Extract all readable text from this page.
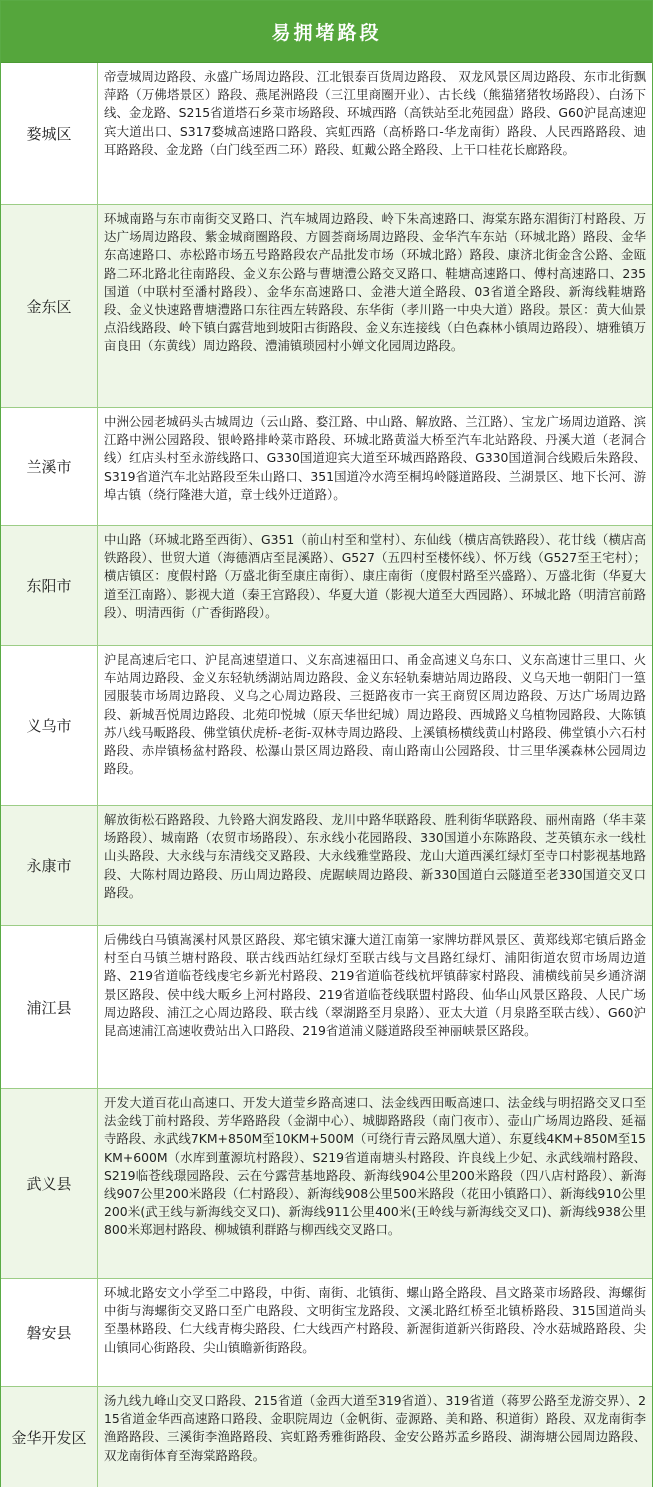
易拥堵路段
婺城区
帝壹城周边路段、永盛广场周边路段、江北银泰百货周边路段、 双龙风景区周边路段、东市北街飘萍路（万佛塔景区）路段、燕尾洲路段（三江里商圈开业）、古长线（熊猫猪猪牧场路段）、白汤下线、金龙路、S215省道塔石乡菜市场路段、环城西路（高铁站至北苑园盘）路段、G60沪昆高速迎宾大道出口、S317婺城高速路口路段、宾虹西路（高桥路口-华龙南街）路段、人民西路路段、迪耳路路段、金龙路（白门线至西二环）路段、虹戴公路全路段、上干口桂花长廊路段。
金东区
环城南路与东市南街交叉路口、汽车城周边路段、岭下朱高速路口、海棠东路东湄街汀村路段、万达广场周边路段、紫金城商圈路段、方圆荟商场周边路段、金华汽车东站（环城北路）路段、金华东高速路口、赤松路市场五号路路段农产品批发市场（环城北路）路段、康济北街金含公路、金瓯路二环北路北往南路段、金义东公路与曹塘澧公路交叉路口、鞋塘高速路口、傅村高速路口、235国道（中联村至潘村路段）、金华东高速路口、金港大道全路段、03省道全路段、新海线鞋塘路段、金义快速路曹塘澧路口东往西左转路段、东华街（孝川路一中央大道）路段。景区：黄大仙景点沿线路段、岭下镇白露营地到坡阳古街路段、金义东连接线（白色森林小镇周边路段）、塘雅镇万亩良田（东黄线）周边路段、澧浦镇琐园村小婵文化园周边路段。
兰溪市
中洲公园老城码头古城周边（云山路、婺江路、中山路、解放路、兰江路）、宝龙广场周边道路、滨江路中洲公园路段、银岭路排岭菜市路段、环城北路黄溢大桥至汽车北站路段、丹溪大道（老洞合线）红店头村至永游线路口、G330国道迎宾大道至环城西路路段、G330国道洞合线殿后朱路段、S319省道汽车北站路段至朱山路口、351国道冷水湾至桐坞岭隧道路段、兰湖景区、地下长河、游埠古镇（绕行隆港大道，章士线外迂道路）。
东阳市
中山路（环城北路至西街）、G351（前山村至和堂村）、东仙线（横店高铁路段）、花廿线（横店高铁路段）、世贸大道（海德酒店至昆溪路）、G527（五四村至楼怀线）、怀万线（G527至王宅村）；横店镇区：度假村路（万盛北街至康庄南街）、康庄南街（度假村路至兴盛路）、万盛北街（华夏大道至江南路）、影视大道（秦王宫路段）、华夏大道（影视大道至大西园路）、环城北路（明清宫前路段）、明清西街（广香街路段）。
义乌市
沪昆高速后宅口、沪昆高速望道口、义东高速福田口、甬金高速义乌东口、义东高速廿三里口、火车站周边路段、金义东轻轨绣湖站周边路段、金义东轻轨秦塘站周边路段、义乌天地一朝阳门一篁园服装市场周边路段、义乌之心周边路段、三挺路夜市一宾王商贸区周边路段、万达广场周边路段、新城吾悦周边路段、北苑印悦城（原天华世纪城）周边路段、西城路义乌植物园路段、大陈镇苏八线马畈路段、佛堂镇伏虎桥-老街-双林寺周边路段、上溪镇杨横线黄山村路段、佛堂镇小六石村路段、赤岸镇杨盆村路段、松瀑山景区周边路段、南山路南山公园路段、廿三里华溪森林公园周边路段。
永康市
解放街松石路路段、九铃路大润发路段、龙川中路华联路段、胜利街华联路段、丽州南路（华丰菜场路段）、城南路（农贸市场路段）、东永线小花园路段、330国道小东陈路段、芝英镇东永一线杜山头路段、大永线与东清线交叉路段、大永线雅堂路段、龙山大道西溪红绿灯至寺口村影视基地路段、大陈村周边路段、历山周边路段、虎踞峡周边路段、新330国道白云隧道至老330国道交叉口路段。
浦江县
后佛线白马镇嵩溪村风景区路段、郑宅镇宋濂大道江南第一家牌坊群风景区、黄郑线郑宅镇后路金村至白马镇兰塘村路段、联古线西站红绿灯至联古线与文昌路红绿灯、浦阳街道农贸市场周边道路、219省道临苍线虔宅乡新光村路段、219省道临苍线杭坪镇薛家村路段、浦横线前吴乡通济湖景区路段、侯中线大畈乡上河村路段、219省道临苍线联盟村路段、仙华山风景区路段、人民广场周边路段、浦江之心周边路段、联古线（翠湖路至月泉路）、亚太大道（月泉路至联古线）、G60沪昆高速浦江高速收费站出入口路段、219省道浦义隧道路段至神丽峡景区路段。
武义县
开发大道百花山高速口、开发大道莹乡路高速口、法金线西田畈高速口、法金线与明招路交叉口至法金线丁前村路段、芳华路路段（金湖中心）、城脚路路段（南门夜市）、壶山广场周边路段、延福寺路段、永武线7KM+850M至10KM+500M（可绕行青云路凤凰大道）、东夏线4KM+850M至15KM+600M（水库到董源坑村路段）、S219省道南塘头村路段、许良线上少妃、永武线端村路段、S219临苍线璟园路段、云在兮露营基地路段、新海线904公里200米路段（四八店村路段）、新海线907公里200米路段（仁村路段）、新海线908公里500米路段（花田小镇路口）、新海线910公里200米(武王线与新海线交叉口)、新海线911公里400米(王岭线与新海线交叉口)、新海线938公里800米郑迥村路段、柳城镇利群路与柳西线交叉路口。
磐安县
环城北路安文小学至二中路段，中街、南街、北镇街、螺山路全路段、昌文路菜市场路段、海螺街中街与海螺街交叉路口至广电路段、文明街宝龙路段、文溪北路红桥至北镇桥路段、315国道尚头至墨林路段、仁大线青梅尖路段、仁大线西产村路段、新渥街道新兴街路段、冷水菇城路路段、尖山镇同心街路段、尖山镇瞻新街路段。
金华开发区
汤九线九峰山交叉口路段、215省道（金西大道至319省道）、319省道（蒋罗公路至龙游交界）、215省道金华西高速路口路段、金职院周边（金帆街、壶源路、美和路、积道街）路段、双龙南街李渔路路段、三溪街李渔路路段、宾虹路秀雅街路段、金安公路苏孟乡路段、湖海塘公园周边路段、双龙南街体育至海棠路路段。
